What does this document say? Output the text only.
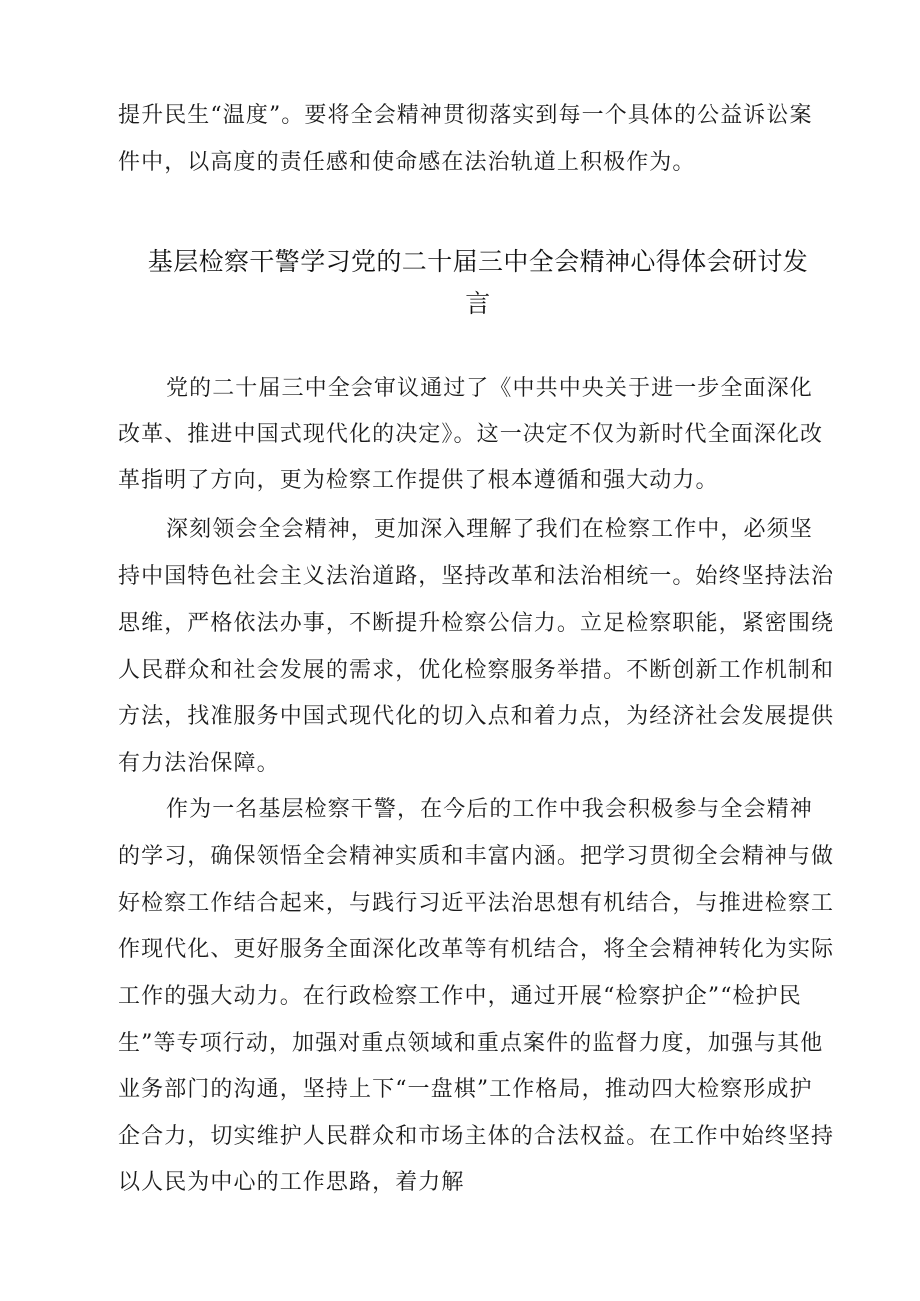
提升民生“温度”。要将全会精神贯彻落实到每一个具体的公益诉讼案
件中，以高度的责任感和使命感在法治轨道上积极作为。
基层检察干警学习党的二十届三中全会精神心得体会研讨发
言
党的二十届三中全会审议通过了《中共中央关于进一步全面深化
改革、推进中国式现代化的决定》。这一决定不仅为新时代全面深化改
革指明了方向，更为检察工作提供了根本遵循和强大动力。
深刻领会全会精神，更加深入理解了我们在检察工作中，必须坚
持中国特色社会主义法治道路，坚持改革和法治相统一。始终坚持法治
思维，严格依法办事，不断提升检察公信力。立足检察职能，紧密围绕
人民群众和社会发展的需求，优化检察服务举措。不断创新工作机制和
方法，找准服务中国式现代化的切入点和着力点，为经济社会发展提供
有力法治保障。
作为一名基层检察干警，在今后的工作中我会积极参与全会精神
的学习，确保领悟全会精神实质和丰富内涵。把学习贯彻全会精神与做
好检察工作结合起来，与践行习近平法治思想有机结合，与推进检察工
作现代化、更好服务全面深化改革等有机结合，将全会精神转化为实际
工作的强大动力。在行政检察工作中，通过开展“检察护企”“检护民
生”等专项行动，加强对重点领域和重点案件的监督力度，加强与其他
业务部门的沟通，坚持上下“一盘棋”工作格局，推动四大检察形成护
企合力，切实维护人民群众和市场主体的合法权益。在工作中始终坚持
以人民为中心的工作思路，着力解
